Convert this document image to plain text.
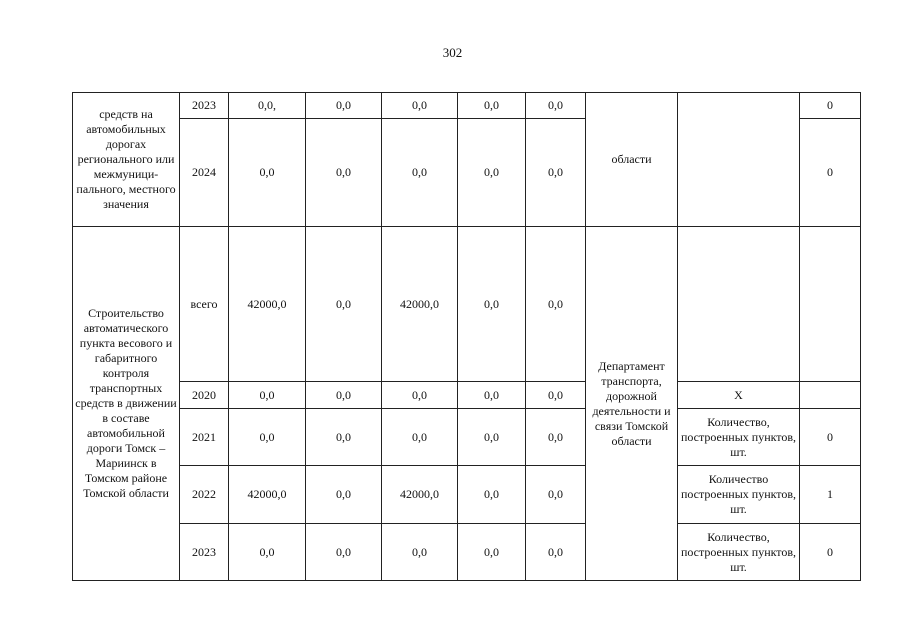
302
средств на автомобильных дорогах регионального или межмуници-пального, местного значения	2023	0,0,	0,0	0,0	0,0	0,0	области		0
	2024	0,0	0,0	0,0	0,0	0,0			0
Строительство автоматического пункта весового и габаритного контроля транспортных средств в движении в составе автомобильной дороги Томск – Мариинск в Томском районе Томской области	всего	42000,0	0,0	42000,0	0,0	0,0	Департамент транспорта, дорожной деятельности и связи Томской области		
	2020	0,0	0,0	0,0	0,0	0,0		X	
	2021	0,0	0,0	0,0	0,0	0,0		Количество, построенных пунктов, шт.	0
	2022	42000,0	0,0	42000,0	0,0	0,0		Количество построенных пунктов, шт.	1
	2023	0,0	0,0	0,0	0,0	0,0		Количество, построенных пунктов, шт.	0
